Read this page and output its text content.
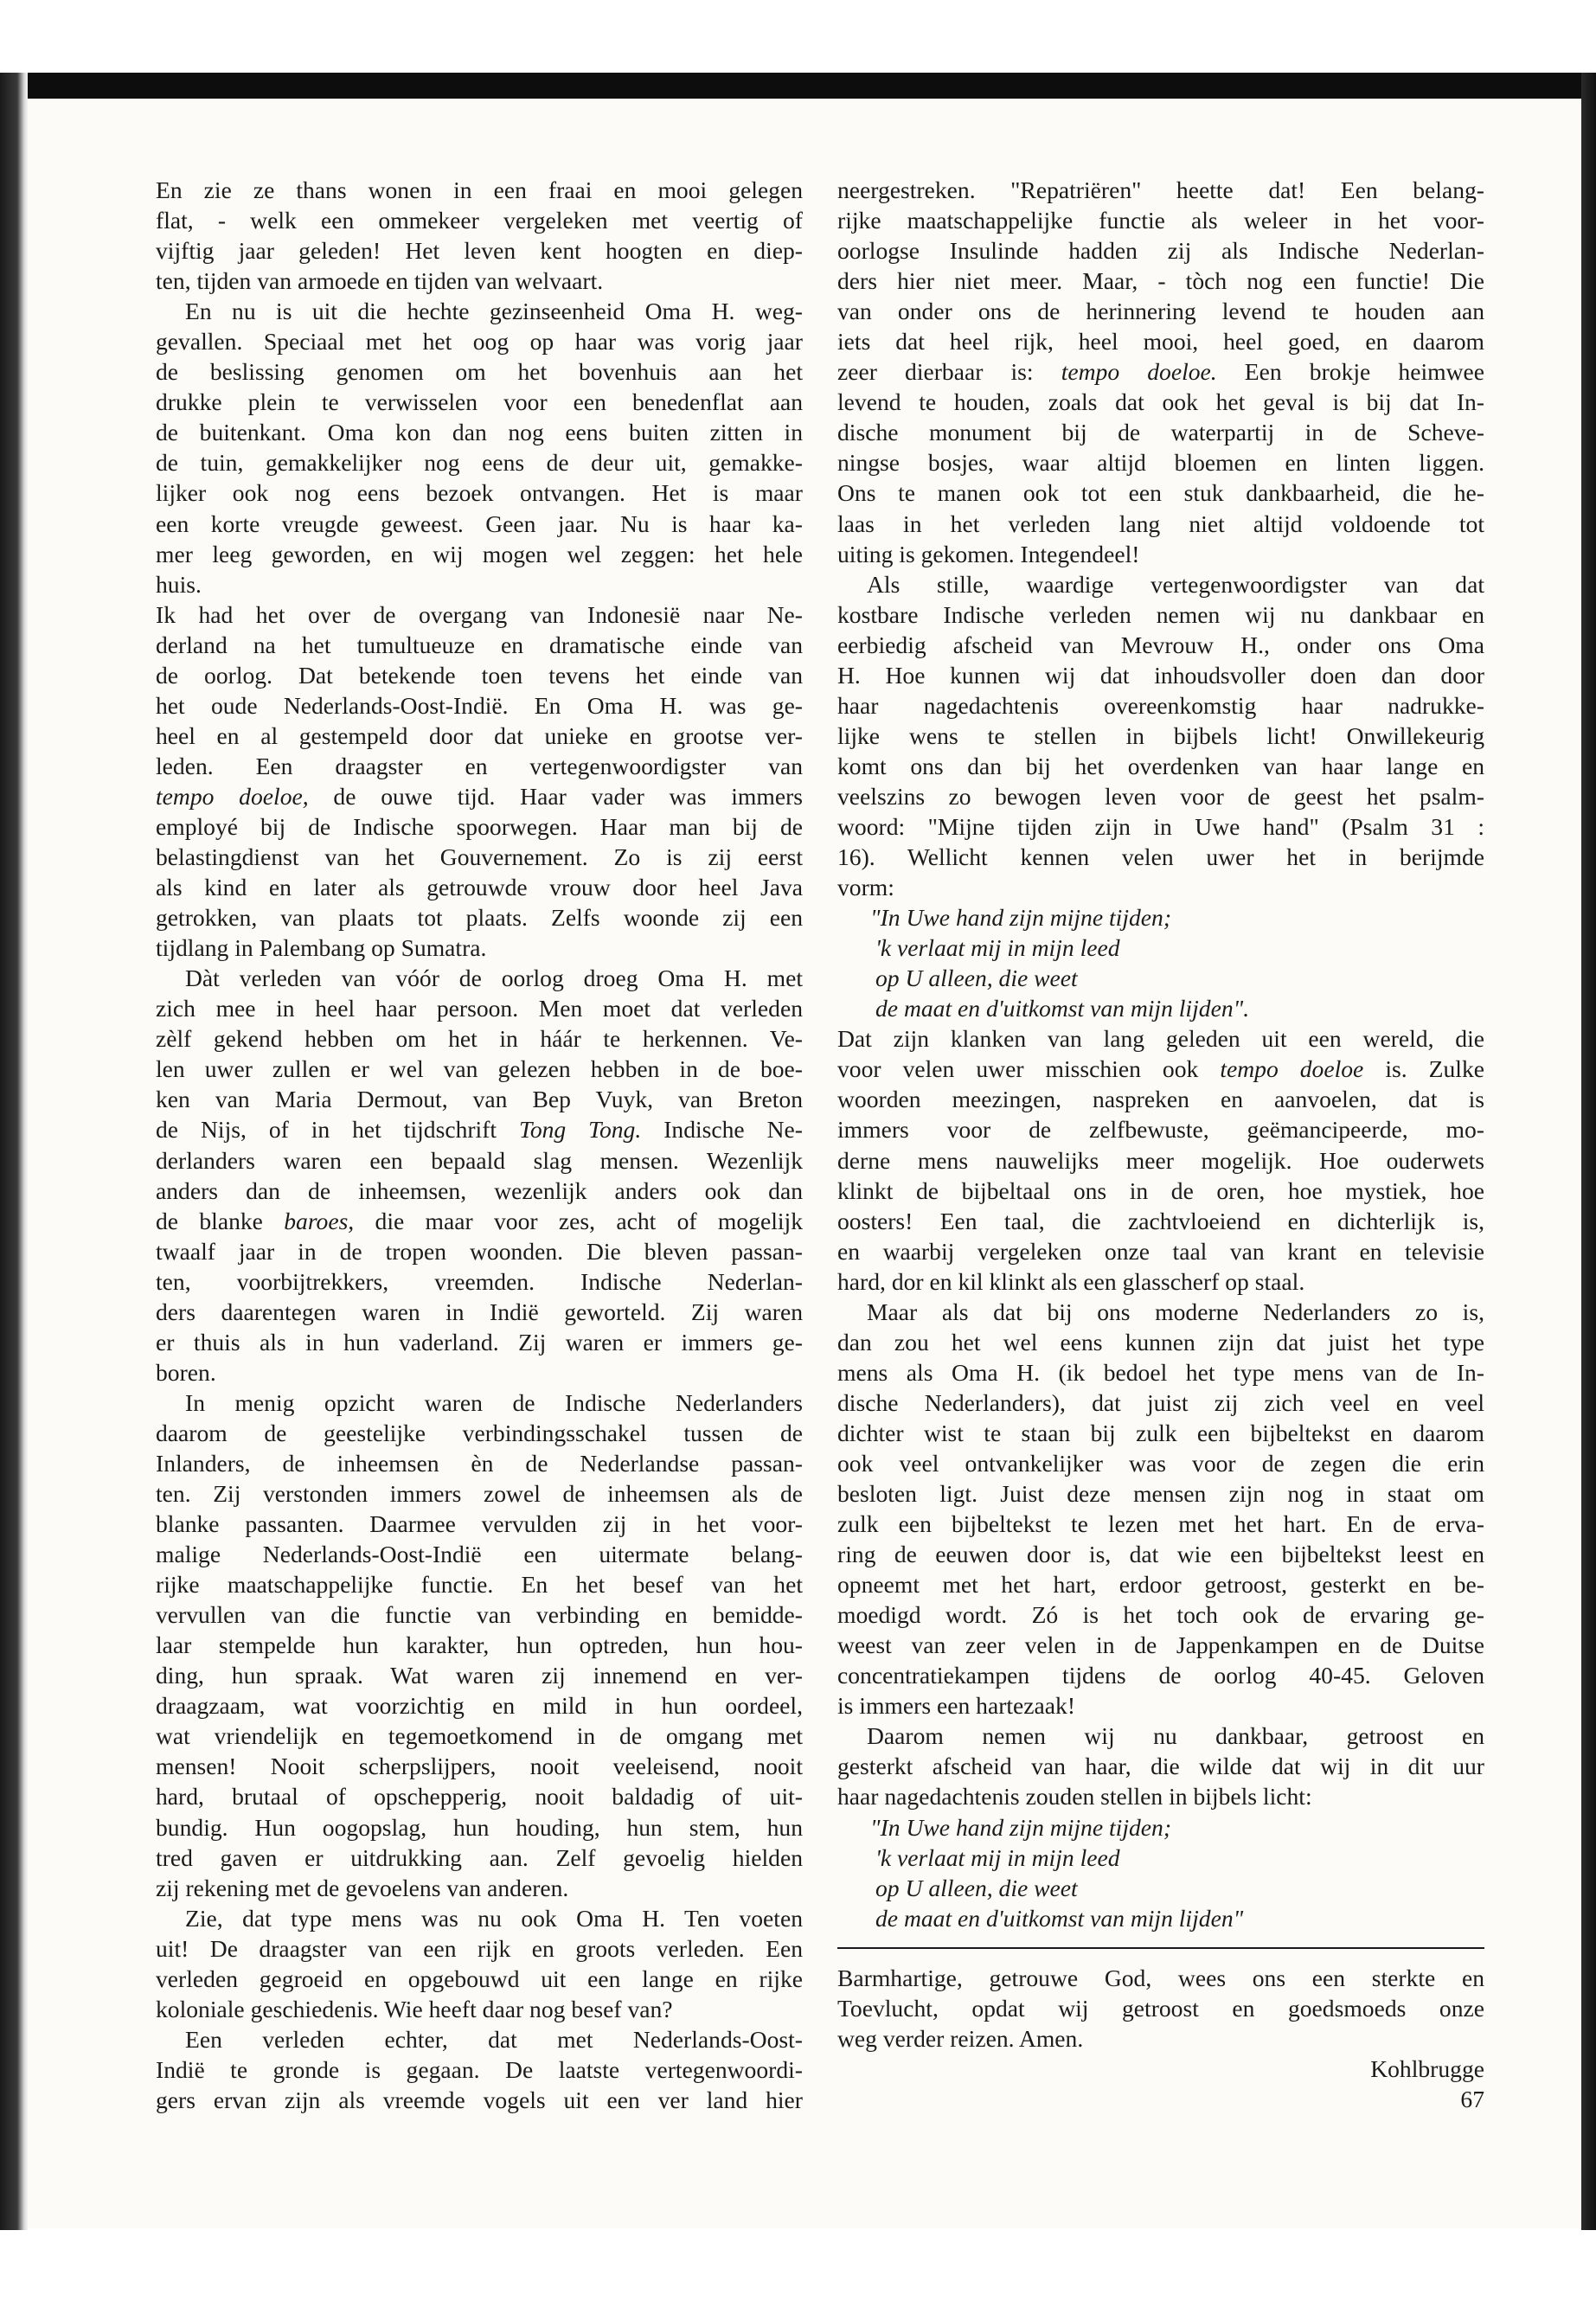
En zie ze thans wonen in een fraai en mooi gelegen
flat, - welk een ommekeer vergeleken met veertig of
vijftig jaar geleden! Het leven kent hoogten en diep-
ten, tijden van armoede en tijden van welvaart.
En nu is uit die hechte gezinseenheid Oma H. weg-
gevallen. Speciaal met het oog op haar was vorig jaar
de beslissing genomen om het bovenhuis aan het
drukke plein te verwisselen voor een benedenflat aan
de buitenkant. Oma kon dan nog eens buiten zitten in
de tuin, gemakkelijker nog eens de deur uit, gemakke-
lijker ook nog eens bezoek ontvangen. Het is maar
een korte vreugde geweest. Geen jaar. Nu is haar ka-
mer leeg geworden, en wij mogen wel zeggen: het hele
huis.
Ik had het over de overgang van Indonesië naar Ne-
derland na het tumultueuze en dramatische einde van
de oorlog. Dat betekende toen tevens het einde van
het oude Nederlands-Oost-Indië. En Oma H. was ge-
heel en al gestempeld door dat unieke en grootse ver-
leden. Een draagster en vertegenwoordigster van
tempo doeloe, de ouwe tijd. Haar vader was immers
employé bij de Indische spoorwegen. Haar man bij de
belastingdienst van het Gouvernement. Zo is zij eerst
als kind en later als getrouwde vrouw door heel Java
getrokken, van plaats tot plaats. Zelfs woonde zij een
tijdlang in Palembang op Sumatra.
Dàt verleden van vóór de oorlog droeg Oma H. met
zich mee in heel haar persoon. Men moet dat verleden
zèlf gekend hebben om het in háár te herkennen. Ve-
len uwer zullen er wel van gelezen hebben in de boe-
ken van Maria Dermout, van Bep Vuyk, van Breton
de Nijs, of in het tijdschrift Tong Tong. Indische Ne-
derlanders waren een bepaald slag mensen. Wezenlijk
anders dan de inheemsen, wezenlijk anders ook dan
de blanke baroes, die maar voor zes, acht of mogelijk
twaalf jaar in de tropen woonden. Die bleven passan-
ten, voorbijtrekkers, vreemden. Indische Nederlan-
ders daarentegen waren in Indië geworteld. Zij waren
er thuis als in hun vaderland. Zij waren er immers ge-
boren.
In menig opzicht waren de Indische Nederlanders
daarom de geestelijke verbindingsschakel tussen de
Inlanders, de inheemsen èn de Nederlandse passan-
ten. Zij verstonden immers zowel de inheemsen als de
blanke passanten. Daarmee vervulden zij in het voor-
malige Nederlands-Oost-Indië een uitermate belang-
rijke maatschappelijke functie. En het besef van het
vervullen van die functie van verbinding en bemidde-
laar stempelde hun karakter, hun optreden, hun hou-
ding, hun spraak. Wat waren zij innemend en ver-
draagzaam, wat voorzichtig en mild in hun oordeel,
wat vriendelijk en tegemoetkomend in de omgang met
mensen! Nooit scherpslijpers, nooit veeleisend, nooit
hard, brutaal of opschepperig, nooit baldadig of uit-
bundig. Hun oogopslag, hun houding, hun stem, hun
tred gaven er uitdrukking aan. Zelf gevoelig hielden
zij rekening met de gevoelens van anderen.
Zie, dat type mens was nu ook Oma H. Ten voeten
uit! De draagster van een rijk en groots verleden. Een
verleden gegroeid en opgebouwd uit een lange en rijke
koloniale geschiedenis. Wie heeft daar nog besef van?
Een verleden echter, dat met Nederlands-Oost-
Indië te gronde is gegaan. De laatste vertegenwoordi-
gers ervan zijn als vreemde vogels uit een ver land hier
neergestreken. "Repatriëren" heette dat! Een belang-
rijke maatschappelijke functie als weleer in het voor-
oorlogse Insulinde hadden zij als Indische Nederlan-
ders hier niet meer. Maar, - tòch nog een functie! Die
van onder ons de herinnering levend te houden aan
iets dat heel rijk, heel mooi, heel goed, en daarom
zeer dierbaar is: tempo doeloe. Een brokje heimwee
levend te houden, zoals dat ook het geval is bij dat In-
dische monument bij de waterpartij in de Scheve-
ningse bosjes, waar altijd bloemen en linten liggen.
Ons te manen ook tot een stuk dankbaarheid, die he-
laas in het verleden lang niet altijd voldoende tot
uiting is gekomen. Integendeel!
Als stille, waardige vertegenwoordigster van dat
kostbare Indische verleden nemen wij nu dankbaar en
eerbiedig afscheid van Mevrouw H., onder ons Oma
H. Hoe kunnen wij dat inhoudsvoller doen dan door
haar nagedachtenis overeenkomstig haar nadrukke-
lijke wens te stellen in bijbels licht! Onwillekeurig
komt ons dan bij het overdenken van haar lange en
veelszins zo bewogen leven voor de geest het psalm-
woord: "Mijne tijden zijn in Uwe hand" (Psalm 31 :
16). Wellicht kennen velen uwer het in berijmde
vorm:
"In Uwe hand zijn mijne tijden;
'k verlaat mij in mijn leed
op U alleen, die weet
de maat en d'uitkomst van mijn lijden".
Dat zijn klanken van lang geleden uit een wereld, die
voor velen uwer misschien ook tempo doeloe is. Zulke
woorden meezingen, naspreken en aanvoelen, dat is
immers voor de zelfbewuste, geëmancipeerde, mo-
derne mens nauwelijks meer mogelijk. Hoe ouderwets
klinkt de bijbeltaal ons in de oren, hoe mystiek, hoe
oosters! Een taal, die zachtvloeiend en dichterlijk is,
en waarbij vergeleken onze taal van krant en televisie
hard, dor en kil klinkt als een glasscherf op staal.
Maar als dat bij ons moderne Nederlanders zo is,
dan zou het wel eens kunnen zijn dat juist het type
mens als Oma H. (ik bedoel het type mens van de In-
dische Nederlanders), dat juist zij zich veel en veel
dichter wist te staan bij zulk een bijbeltekst en daarom
ook veel ontvankelijker was voor de zegen die erin
besloten ligt. Juist deze mensen zijn nog in staat om
zulk een bijbeltekst te lezen met het hart. En de erva-
ring de eeuwen door is, dat wie een bijbeltekst leest en
opneemt met het hart, erdoor getroost, gesterkt en be-
moedigd wordt. Zó is het toch ook de ervaring ge-
weest van zeer velen in de Jappenkampen en de Duitse
concentratiekampen tijdens de oorlog 40-45. Geloven
is immers een hartezaak!
Daarom nemen wij nu dankbaar, getroost en
gesterkt afscheid van haar, die wilde dat wij in dit uur
haar nagedachtenis zouden stellen in bijbels licht:
"In Uwe hand zijn mijne tijden;
'k verlaat mij in mijn leed
op U alleen, die weet
de maat en d'uitkomst van mijn lijden"
Barmhartige, getrouwe God, wees ons een sterkte en
Toevlucht, opdat wij getroost en goedsmoeds onze
weg verder reizen. Amen.
Kohlbrugge
67
